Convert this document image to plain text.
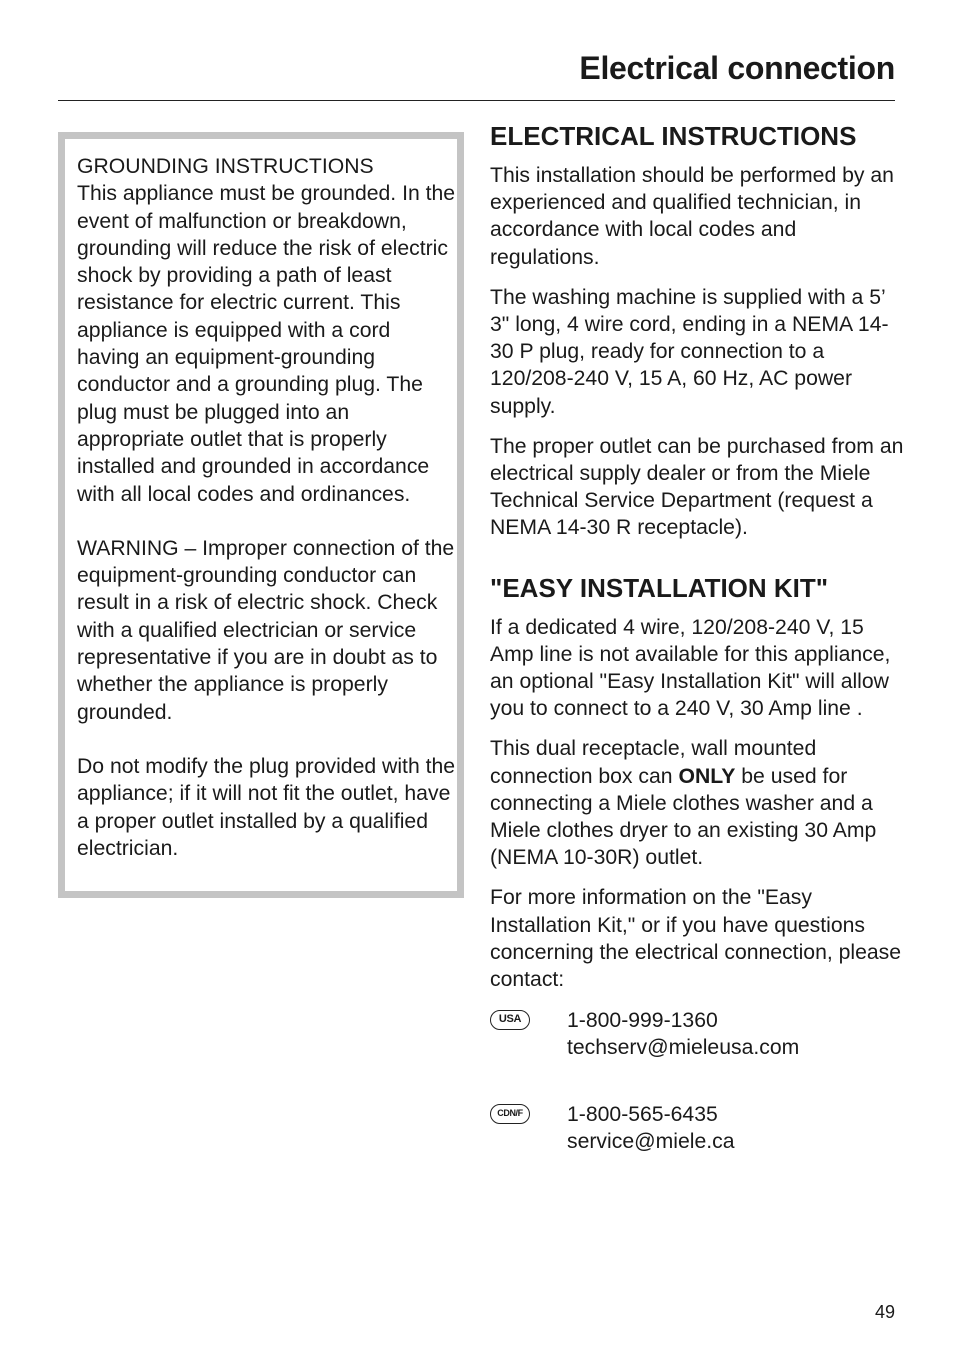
Electrical connection

GROUNDING INSTRUCTIONS
This appliance must be grounded. In the event of malfunction or breakdown, grounding will reduce the risk of electric shock by providing a path of least resistance for electric current. This appliance is equipped with a cord having an equipment-grounding conductor and a grounding plug. The plug must be plugged into an appropriate outlet that is properly installed and grounded in accordance with all local codes and ordinances.

WARNING – Improper connection of the equipment-grounding conductor can result in a risk of electric shock. Check with a qualified electrician or service representative if you are in doubt as to whether the appliance is properly grounded.

Do not modify the plug provided with the appliance; if it will not fit the outlet, have a proper outlet installed by a qualified electrician.

ELECTRICAL INSTRUCTIONS

This installation should be performed by an experienced and qualified technician, in accordance with local codes and regulations.

The washing machine is supplied with a 5’ 3" long, 4 wire cord, ending in a NEMA 14-30 P plug, ready for connection to a 120/208-240 V, 15 A, 60 Hz, AC power supply.

The proper outlet can be purchased from an electrical supply dealer or from the Miele Technical Service Department (request a NEMA 14-30 R receptacle).

"EASY INSTALLATION KIT"

If a dedicated 4 wire, 120/208-240 V, 15 Amp line is not available for this appliance, an optional "Easy Installation Kit" will allow you to connect to a 240 V, 30 Amp line .

This dual receptacle, wall mounted connection box can ONLY be used for connecting a Miele clothes washer and a Miele clothes dryer to an existing 30 Amp (NEMA 10-30R) outlet.

For more information on the "Easy Installation Kit," or if you have questions concerning the electrical connection, please contact:

USA	1-800-999-1360
techserv@mieleusa.com
CDN/F	1-800-565-6435
service@miele.ca
49
